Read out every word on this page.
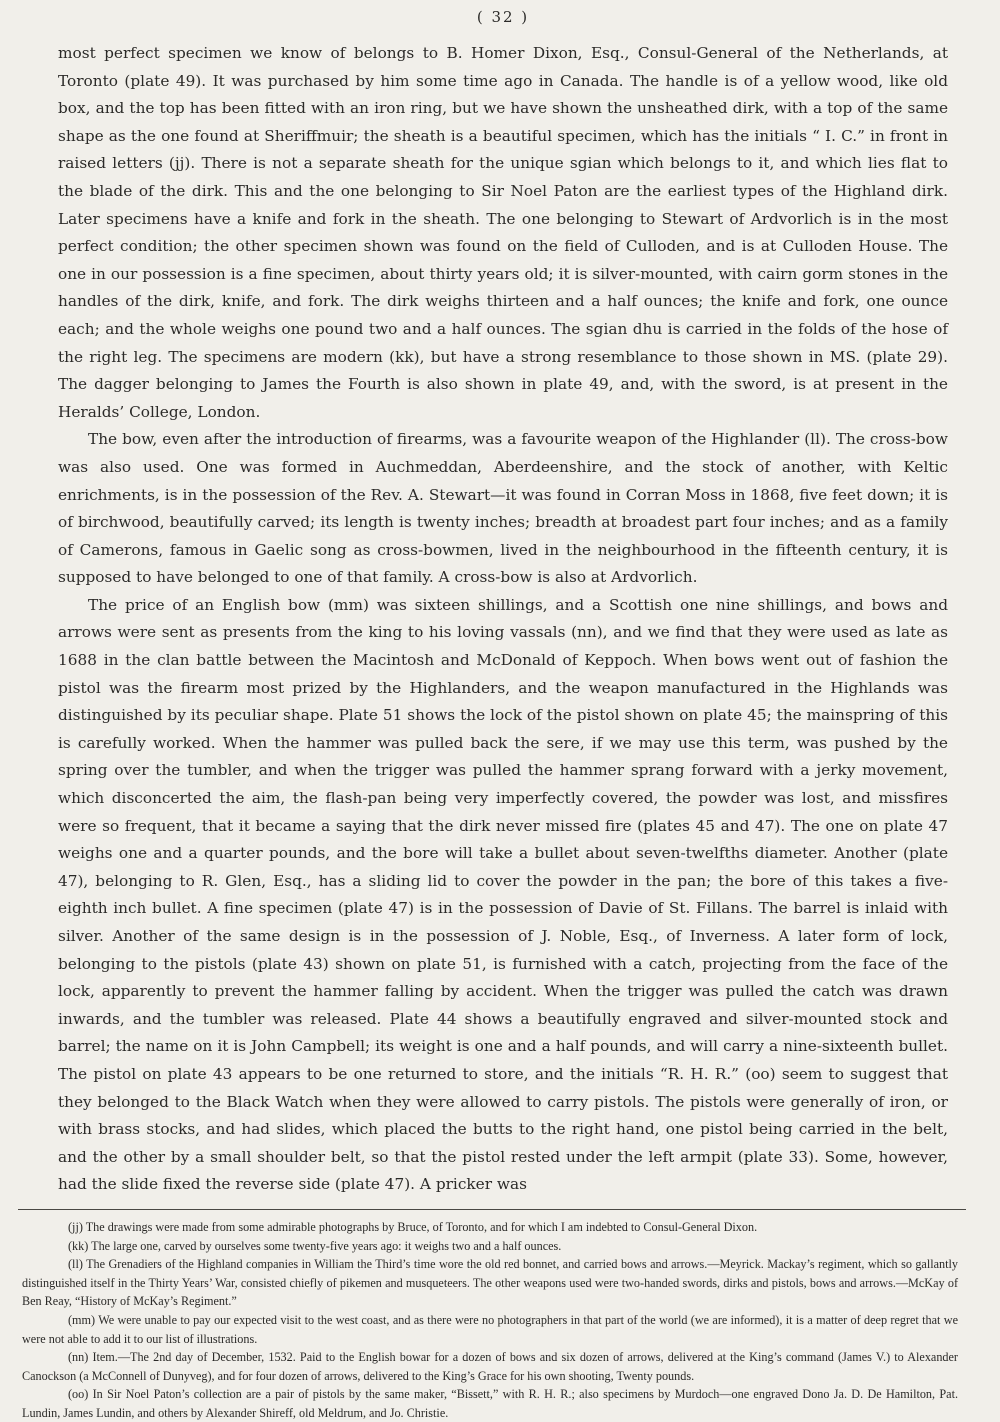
( 32 )

most perfect specimen we know of belongs to B. Homer Dixon, Esq., Consul-General of the Netherlands, at Toronto (plate 49). It was purchased by him some time ago in Canada. The handle is of a yellow wood, like old box, and the top has been fitted with an iron ring, but we have shown the unsheathed dirk, with a top of the same shape as the one found at Sheriffmuir; the sheath is a beautiful specimen, which has the initials “ I. C.” in front in raised letters (jj). There is not a separate sheath for the unique sgian which belongs to it, and which lies flat to the blade of the dirk. This and the one belonging to Sir Noel Paton are the earliest types of the Highland dirk. Later specimens have a knife and fork in the sheath. The one belonging to Stewart of Ardvorlich is in the most perfect condition; the other specimen shown was found on the field of Culloden, and is at Culloden House. The one in our possession is a fine specimen, about thirty years old; it is silver-mounted, with cairn gorm stones in the handles of the dirk, knife, and fork. The dirk weighs thirteen and a half ounces; the knife and fork, one ounce each; and the whole weighs one pound two and a half ounces. The sgian dhu is carried in the folds of the hose of the right leg. The specimens are modern (kk), but have a strong resemblance to those shown in MS. (plate 29). The dagger belonging to James the Fourth is also shown in plate 49, and, with the sword, is at present in the Heralds’ College, London.

The bow, even after the introduction of firearms, was a favourite weapon of the Highlander (ll). The cross-bow was also used. One was formed in Auchmeddan, Aberdeenshire, and the stock of another, with Keltic enrichments, is in the possession of the Rev. A. Stewart—it was found in Corran Moss in 1868, five feet down; it is of birchwood, beautifully carved; its length is twenty inches; breadth at broadest part four inches; and as a family of Camerons, famous in Gaelic song as cross-bowmen, lived in the neighbourhood in the fifteenth century, it is supposed to have belonged to one of that family. A cross-bow is also at Ardvorlich.

The price of an English bow (mm) was sixteen shillings, and a Scottish one nine shillings, and bows and arrows were sent as presents from the king to his loving vassals (nn), and we find that they were used as late as 1688 in the clan battle between the Macintosh and McDonald of Keppoch. When bows went out of fashion the pistol was the firearm most prized by the Highlanders, and the weapon manufactured in the Highlands was distinguished by its peculiar shape. Plate 51 shows the lock of the pistol shown on plate 45; the mainspring of this is carefully worked. When the hammer was pulled back the sere, if we may use this term, was pushed by the spring over the tumbler, and when the trigger was pulled the hammer sprang forward with a jerky movement, which disconcerted the aim, the flash-pan being very imperfectly covered, the powder was lost, and missfires were so frequent, that it became a saying that the dirk never missed fire (plates 45 and 47). The one on plate 47 weighs one and a quarter pounds, and the bore will take a bullet about seven-twelfths diameter. Another (plate 47), belonging to R. Glen, Esq., has a sliding lid to cover the powder in the pan; the bore of this takes a five-eighth inch bullet. A fine specimen (plate 47) is in the possession of Davie of St. Fillans. The barrel is inlaid with silver. Another of the same design is in the possession of J. Noble, Esq., of Inverness. A later form of lock, belonging to the pistols (plate 43) shown on plate 51, is furnished with a catch, projecting from the face of the lock, apparently to prevent the hammer falling by accident. When the trigger was pulled the catch was drawn inwards, and the tumbler was released. Plate 44 shows a beautifully engraved and silver-mounted stock and barrel; the name on it is John Campbell; its weight is one and a half pounds, and will carry a nine-sixteenth bullet. The pistol on plate 43 appears to be one returned to store, and the initials “R. H. R.” (oo) seem to suggest that they belonged to the Black Watch when they were allowed to carry pistols. The pistols were generally of iron, or with brass stocks, and had slides, which placed the butts to the right hand, one pistol being carried in the belt, and the other by a small shoulder belt, so that the pistol rested under the left armpit (plate 33). Some, however, had the slide fixed the reverse side (plate 47). A pricker was

(jj) The drawings were made from some admirable photographs by Bruce, of Toronto, and for which I am indebted to Consul-General Dixon.

(kk) The large one, carved by ourselves some twenty-five years ago: it weighs two and a half ounces.

(ll) The Grenadiers of the Highland companies in William the Third’s time wore the old red bonnet, and carried bows and arrows.—Meyrick. Mackay’s regiment, which so gallantly distinguished itself in the Thirty Years’ War, consisted chiefly of pikemen and musqueteers. The other weapons used were two-handed swords, dirks and pistols, bows and arrows.—McKay of Ben Reay, “History of McKay’s Regiment.”

(mm) We were unable to pay our expected visit to the west coast, and as there were no photographers in that part of the world (we are informed), it is a matter of deep regret that we were not able to add it to our list of illustrations.

(nn) Item.—The 2nd day of December, 1532. Paid to the English bowar for a dozen of bows and six dozen of arrows, delivered at the King’s command (James V.) to Alexander Canockson (a McConnell of Dunyveg), and for four dozen of arrows, delivered to the King’s Grace for his own shooting, Twenty pounds.

(oo) In Sir Noel Paton’s collection are a pair of pistols by the same maker, “Bissett,” with R. H. R.; also specimens by Murdoch—one engraved Dono Ja. D. De Hamilton, Pat. Lundin, James Lundin, and others by Alexander Shireff, old Meldrum, and Jo. Christie.
